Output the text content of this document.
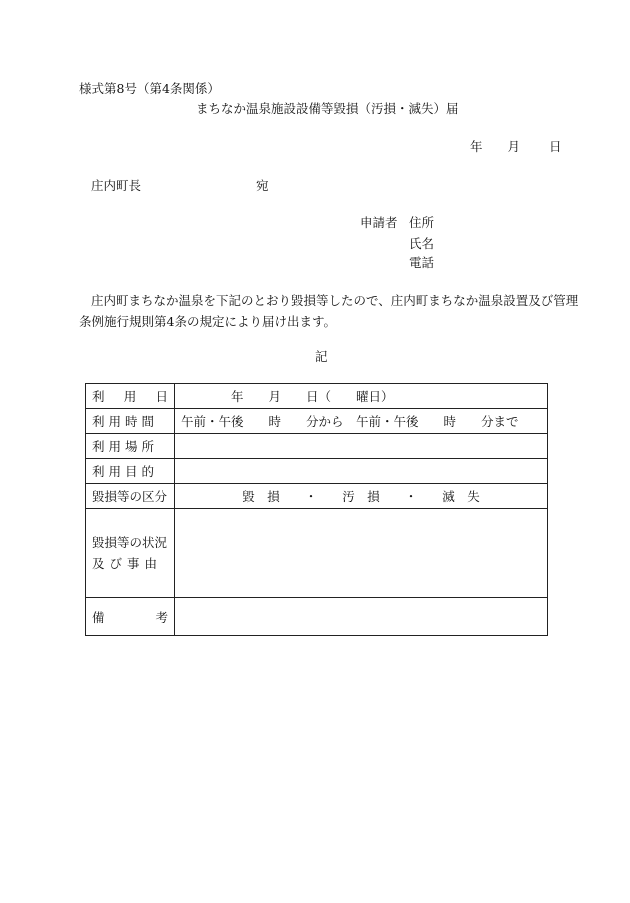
様式第8号（第4条関係）
まちなか温泉施設設備等毀損（汚損・滅失）届
年 月 日
庄内町長	宛
申請者 住所
氏名
電話
庄内町まちなか温泉を下記のとおり毀損等したので、庄内町まちなか温泉設置及び管理条例施行規則第4条の規定により届け出ます。
記
利 用 日	年　　月　　日（　　曜日）
利用時間	午前・午後　　時　　分から　午前・午後　　時　　分まで
利用場所	
利用目的	
毀損等の区分	毀　損　　・　　汚　損　　・　　滅　失

毀損等の状況
及び事由	

備 考	
